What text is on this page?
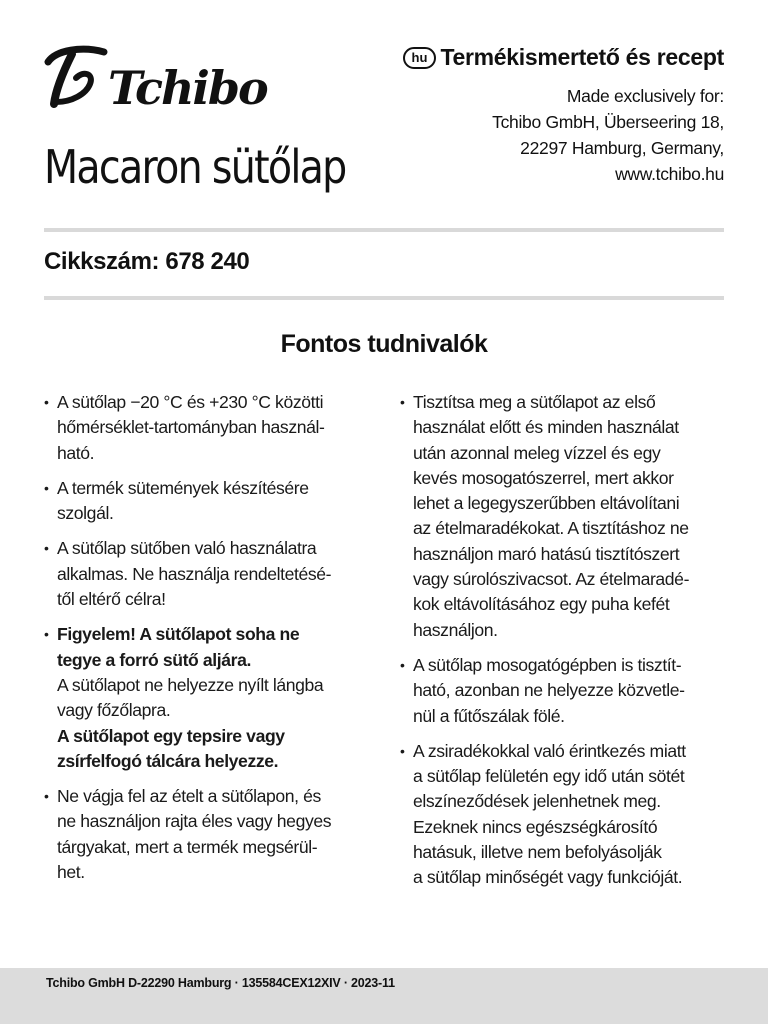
Tchibo
hu Termékismertető és recept
Made exclusively for:
Tchibo GmbH, Überseering 18,
22297 Hamburg, Germany,
www.tchibo.hu
Macaron sütőlap
Cikkszám: 678 240
Fontos tudnivalók
• A sütőlap −20 °C és +230 °C közötti
hőmérséklet-tartományban használ-
ható.
• A termék sütemények készítésére
szolgál.
• A sütőlap sütőben való használatra
alkalmas. Ne használja rendeltetésé-
től eltérő célra!
• Figyelem! A sütőlapot soha ne
tegye a forró sütő aljára.
A sütőlapot ne helyezze nyílt lángba
vagy főzőlapra.
A sütőlapot egy tepsire vagy
zsírfelfogó tálcára helyezze.
• Ne vágja fel az ételt a sütőlapon, és
ne használjon rajta éles vagy hegyes
tárgyakat, mert a termék megsérül-
het.
• Tisztítsa meg a sütőlapot az első
használat előtt és minden használat
után azonnal meleg vízzel és egy
kevés mosogatószerrel, mert akkor
lehet a legegyszerűbben eltávolítani
az ételmaradékokat. A tisztításhoz ne
használjon maró hatású tisztítószert
vagy súrolószivacsot. Az ételmaradé-
kok eltávolításához egy puha kefét
használjon.
• A sütőlap mosogatógépben is tisztít-
ható, azonban ne helyezze közvetle-
nül a fűtőszálak fölé.
• A zsiradékokkal való érintkezés miatt
a sütőlap felületén egy idő után sötét
elszíneződések jelenhetnek meg.
Ezeknek nincs egészségkárosító
hatásuk, illetve nem befolyásolják
a sütőlap minőségét vagy funkcióját.
Tchibo GmbH D-22290 Hamburg · 135584CEX12XIV · 2023-11
